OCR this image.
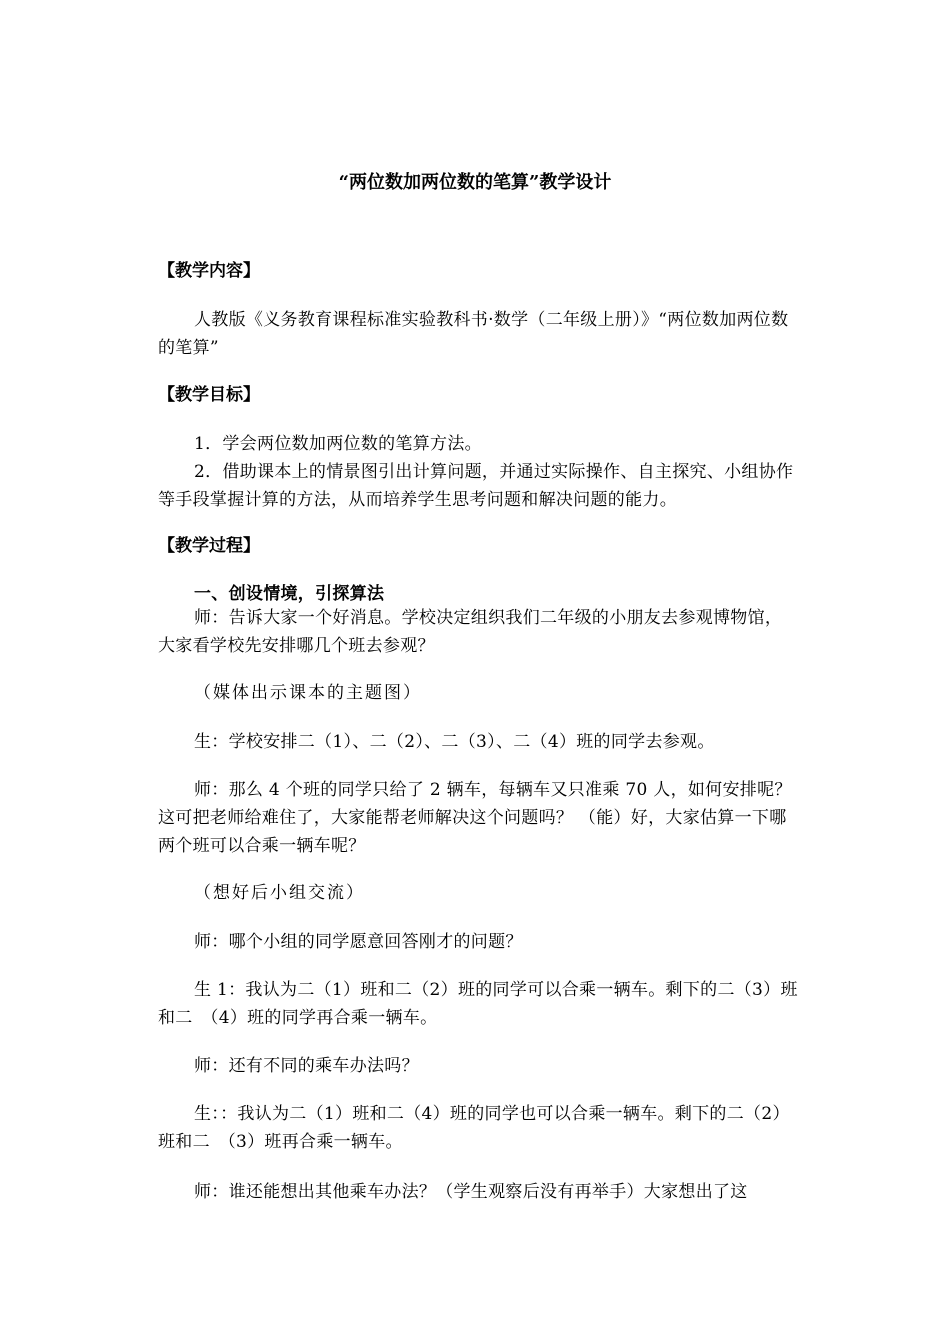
“两位数加两位数的笔算”教学设计
【教学内容】
人教版《义务教育课程标准实验教科书·数学（二年级上册）》“两位数加两位数的笔算”
【教学目标】
1．学会两位数加两位数的笔算方法。
2．借助课本上的情景图引出计算问题，并通过实际操作、自主探究、小组协作等手段掌握计算的方法，从而培养学生思考问题和解决问题的能力。
【教学过程】
一、创设情境，引探算法
师：告诉大家一个好消息。学校决定组织我们二年级的小朋友去参观博物馆，大家看学校先安排哪几个班去参观？
（媒体出示课本的主题图）
生：学校安排二（1）、二（2）、二（3）、二（4）班的同学去参观。
师：那么 4 个班的同学只给了 2 辆车，每辆车又只准乘 70 人，如何安排呢？这可把老师给难住了，大家能帮老师解决这个问题吗？ （能）好，大家估算一下哪两个班可以合乘一辆车呢？
（想好后小组交流）
师：哪个小组的同学愿意回答刚才的问题？
生 1：我认为二（1）班和二（2）班的同学可以合乘一辆车。剩下的二（3）班和二　（4）班的同学再合乘一辆车。
师：还有不同的乘车办法吗？
生：：我认为二（1）班和二（4）班的同学也可以合乘一辆车。剩下的二（2）班和二　（3）班再合乘一辆车。
师：谁还能想出其他乘车办法？（学生观察后没有再举手）大家想出了这
